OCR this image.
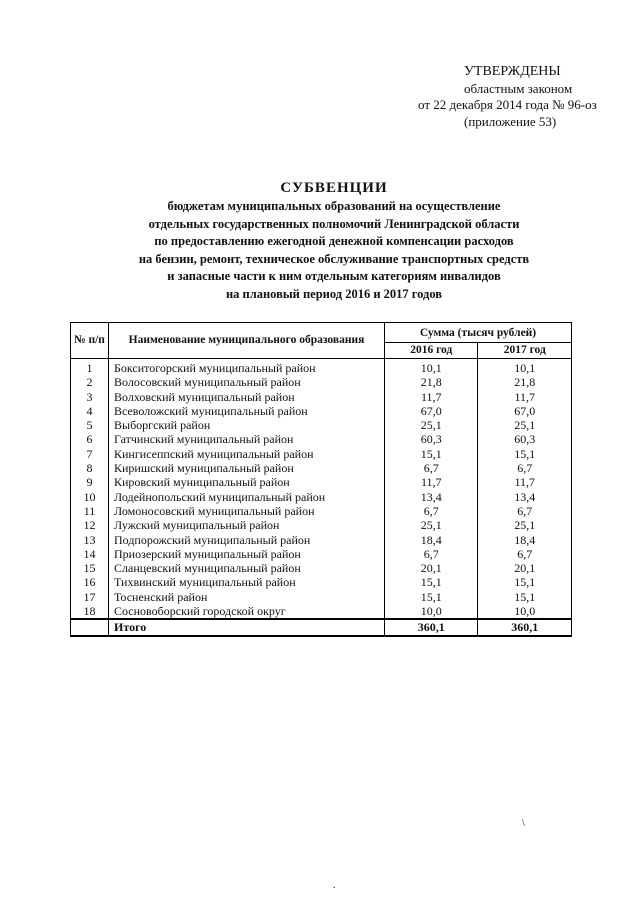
УТВЕРЖДЕНЫ
областным законом
от 22 декабря 2014 года № 96-оз
(приложение 53)
СУБВЕНЦИИ
бюджетам муниципальных образований на осуществление
отдельных государственных полномочий Ленинградской области
по предоставлению ежегодной денежной компенсации расходов
на бензин, ремонт, техническое обслуживание транспортных средств
и запасные части к ним отдельным категориям инвалидов
на плановый период 2016 и 2017 годов
№ п/п	Наименование муниципального образования	Сумма (тысяч рублей)	
		2016 год	2017 год
1	Бокситогорский муниципальный район	10,1	10,1
2	Волосовский муниципальный район	21,8	21,8
3	Волховский муниципальный район	11,7	11,7
4	Всеволожский муниципальный район	67,0	67,0
5	Выборгский район	25,1	25,1
6	Гатчинский муниципальный район	60,3	60,3
7	Кингисеппский муниципальный район	15,1	15,1
8	Киришский муниципальный район	6,7	6,7
9	Кировский муниципальный район	11,7	11,7
10	Лодейнопольский муниципальный район	13,4	13,4
11	Ломоносовский муниципальный район	6,7	6,7
12	Лужский муниципальный район	25,1	25,1
13	Подпорожский муниципальный район	18,4	18,4
14	Приозерский муниципальный район	6,7	6,7
15	Сланцевский муниципальный район	20,1	20,1
16	Тихвинский муниципальный район	15,1	15,1
17	Тосненский район	15,1	15,1
18	Сосновоборский городской округ	10,0	10,0
	Итого	360,1	360,1
\
.
